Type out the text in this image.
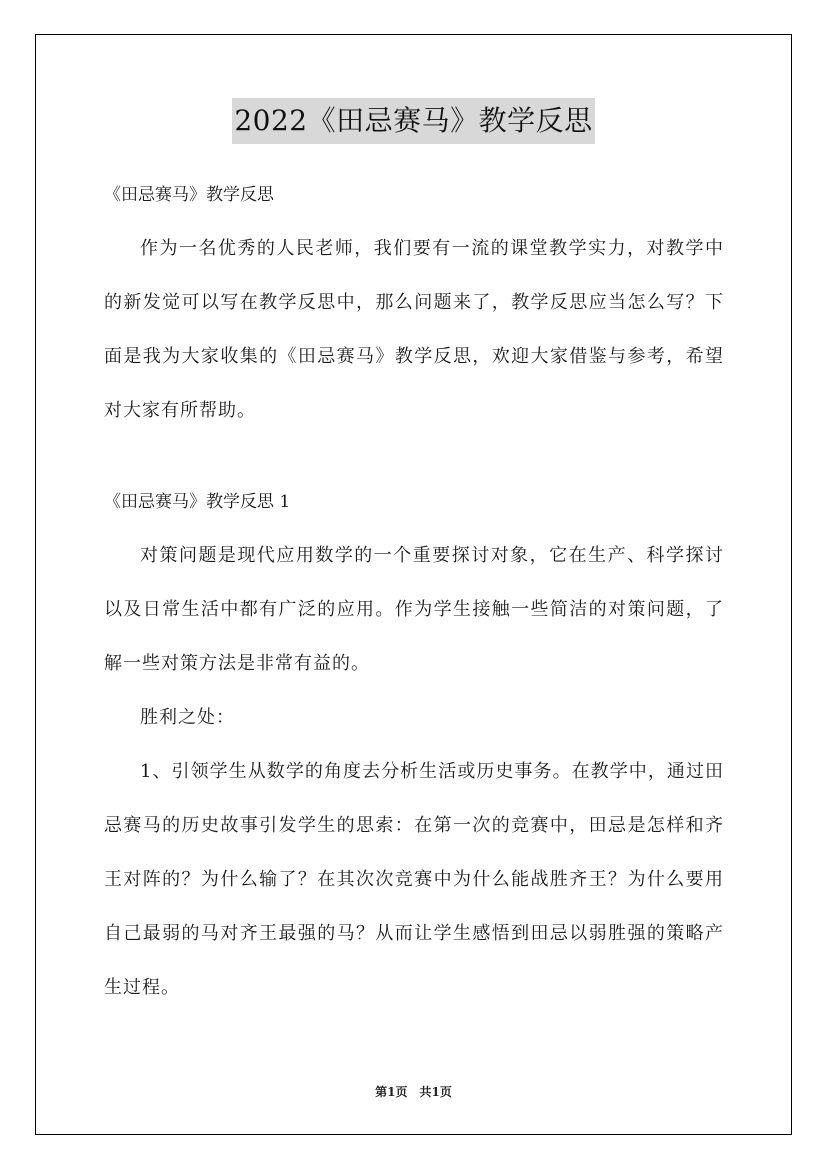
2022《田忌赛马》教学反思

《田忌赛马》教学反思

作为一名优秀的人民老师，我们要有一流的课堂教学实力，对教学中的新发觉可以写在教学反思中，那么问题来了，教学反思应当怎么写？下面是我为大家收集的《田忌赛马》教学反思，欢迎大家借鉴与参考，希望对大家有所帮助。

《田忌赛马》教学反思 1

对策问题是现代应用数学的一个重要探讨对象，它在生产、科学探讨以及日常生活中都有广泛的应用。作为学生接触一些简洁的对策问题，了解一些对策方法是非常有益的。

胜利之处：

1、引领学生从数学的角度去分析生活或历史事务。在教学中，通过田忌赛马的历史故事引发学生的思索：在第一次的竞赛中，田忌是怎样和齐王对阵的？为什么输了？在其次次竞赛中为什么能战胜齐王？为什么要用自己最弱的马对齐王最强的马？从而让学生感悟到田忌以弱胜强的策略产生过程。

第1页 共1页
